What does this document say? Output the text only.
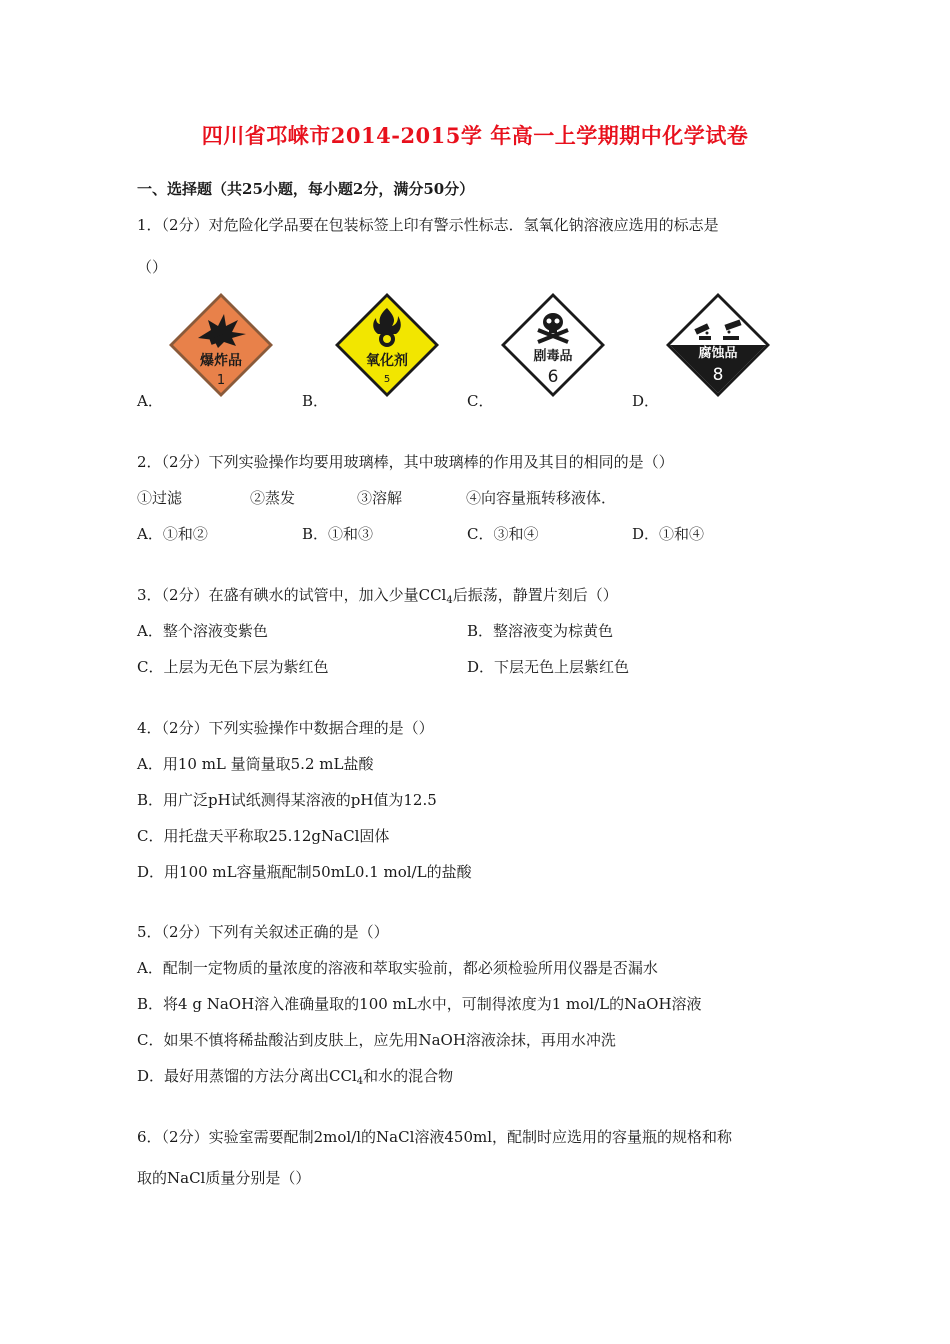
四川省邛崃市2014-2015学 年高一上学期期中化学试卷
一、选择题（共25小题，每小题2分，满分50分）
1．（2分）对危险化学品要在包装标签上印有警示性标志．氢氧化钠溶液应选用的标志是
（）
爆炸品
1
氧化剂
5
剧毒品
6
腐蚀品
8
A．	B．	C．	D．
2．（2分）下列实验操作均要用玻璃棒，其中玻璃棒的作用及其目的相同的是（）
①过滤	②蒸发	③溶解	④向容量瓶转移液体．
A．①和②	B．①和③	C．③和④	D．①和④
3．（2分）在盛有碘水的试管中，加入少量CCl$_4$后振荡，静置片刻后（）
A．整个溶液变紫色	B．整溶液变为棕黄色
C．上层为无色下层为紫红色	D．下层无色上层紫红色
4．（2分）下列实验操作中数据合理的是（）
A．用10 mL 量筒量取5.2 mL盐酸
B．用广泛pH试纸测得某溶液的pH值为12.5
C．用托盘天平称取25.12gNaCl固体
D．用100 mL容量瓶配制50mL0.1 mol/L的盐酸
5．（2分）下列有关叙述正确的是（）
A．配制一定物质的量浓度的溶液和萃取实验前，都必须检验所用仪器是否漏水
B．将4 g NaOH溶入准确量取的100 mL水中，可制得浓度为1 mol/L的NaOH溶液
C．如果不慎将稀盐酸沾到皮肤上，应先用NaOH溶液涂抹，再用水冲洗
D．最好用蒸馏的方法分离出CCl$_4$和水的混合物
6．（2分）实验室需要配制2mol/l的NaCl溶液450ml，配制时应选用的容量瓶的规格和称
取的NaCl质量分别是（）
